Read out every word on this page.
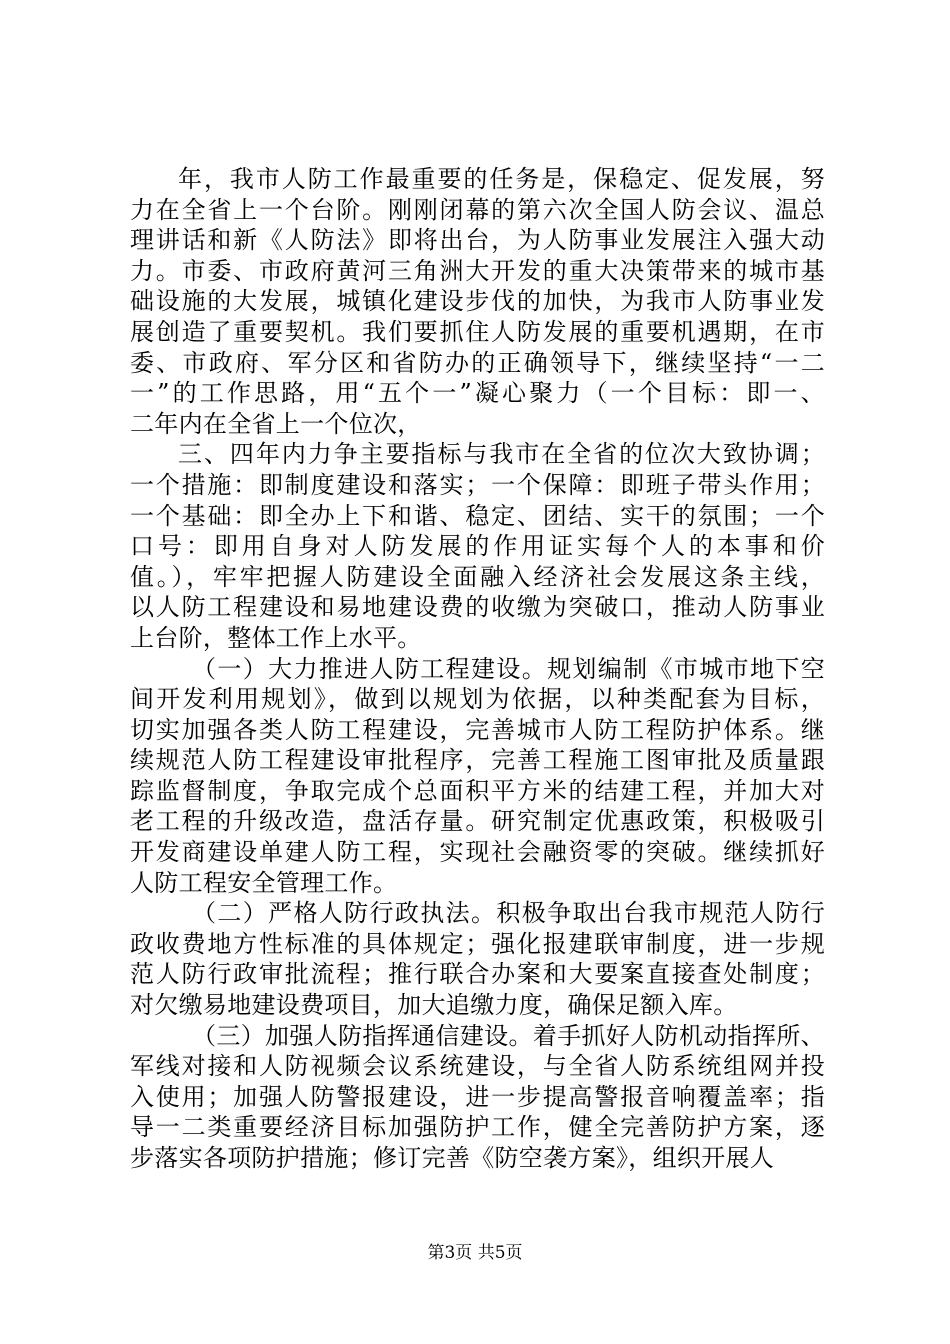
年，我市人防工作最重要的任务是，保稳定、促发展，努
力在全省上一个台阶。刚刚闭幕的第六次全国人防会议、温总
理讲话和新《人防法》即将出台，为人防事业发展注入强大动
力。市委、市政府黄河三角洲大开发的重大决策带来的城市基
础设施的大发展，城镇化建设步伐的加快，为我市人防事业发
展创造了重要契机。我们要抓住人防发展的重要机遇期，在市
委、市政府、军分区和省防办的正确领导下，继续坚持“一二
一”的工作思路，用“五个一”凝心聚力（一个目标：即一、
二年内在全省上一个位次，
三、四年内力争主要指标与我市在全省的位次大致协调；
一个措施：即制度建设和落实；一个保障：即班子带头作用；
一个基础：即全办上下和谐、稳定、团结、实干的氛围；一个
口号：即用自身对人防发展的作用证实每个人的本事和价
值。），牢牢把握人防建设全面融入经济社会发展这条主线，
以人防工程建设和易地建设费的收缴为突破口，推动人防事业
上台阶，整体工作上水平。
（一）大力推进人防工程建设。规划编制《市城市地下空
间开发利用规划》，做到以规划为依据，以种类配套为目标，
切实加强各类人防工程建设，完善城市人防工程防护体系。继
续规范人防工程建设审批程序，完善工程施工图审批及质量跟
踪监督制度，争取完成个总面积平方米的结建工程，并加大对
老工程的升级改造，盘活存量。研究制定优惠政策，积极吸引
开发商建设单建人防工程，实现社会融资零的突破。继续抓好
人防工程安全管理工作。
（二）严格人防行政执法。积极争取出台我市规范人防行
政收费地方性标准的具体规定；强化报建联审制度，进一步规
范人防行政审批流程；推行联合办案和大要案直接查处制度；
对欠缴易地建设费项目，加大追缴力度，确保足额入库。
（三）加强人防指挥通信建设。着手抓好人防机动指挥所、
军线对接和人防视频会议系统建设，与全省人防系统组网并投
入使用；加强人防警报建设，进一步提高警报音响覆盖率；指
导一二类重要经济目标加强防护工作，健全完善防护方案，逐
步落实各项防护措施；修订完善《防空袭方案》，组织开展人
第3页 共5页
